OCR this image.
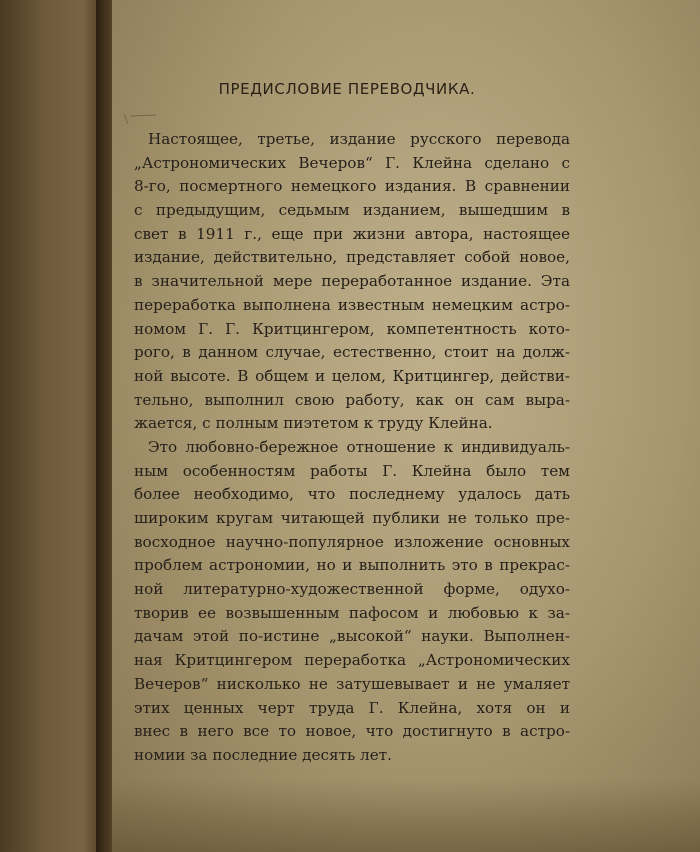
ПРЕДИСЛОВИЕ ПЕРЕВОДЧИКА.
Настоящее, третье, издание русского перевода
„Астрономических Вечеров“ Г. Клейна сделано с
8-го, посмертного немецкого издания. В сравнении
с предыдущим, седьмым изданием, вышедшим в
свет в 1911 г., еще при жизни автора, настоящее
издание, действительно, представляет собой новое,
в значительной мере переработанное издание. Эта
переработка выполнена известным немецким астро-
номом Г. Г. Критцингером, компетентность кото-
рого, в данном случае, естественно, стоит на долж-
ной высоте. В общем и целом, Критцингер, действи-
тельно, выполнил свою работу, как он сам выра-
жается, с полным пиэтетом к труду Клейна.
Это любовно-бережное отношение к индивидуаль-
ным особенностям работы Г. Клейна было тем
более необходимо, что последнему удалось дать
широким кругам читающей публики не только пре-
восходное научно-популярное изложение основных
проблем астрономии, но и выполнить это в прекрас-
ной литературно-художественной форме, одухо-
творив ее возвышенным пафосом и любовью к за-
дачам этой по-истине „высокой“ науки. Выполнен-
ная Критцингером переработка „Астрономических
Вечеров“ нисколько не затушевывает и не умаляет
этих ценных черт труда Г. Клейна, хотя он и
внес в него все то новое, что достигнуто в астро-
номии за последние десять лет.
